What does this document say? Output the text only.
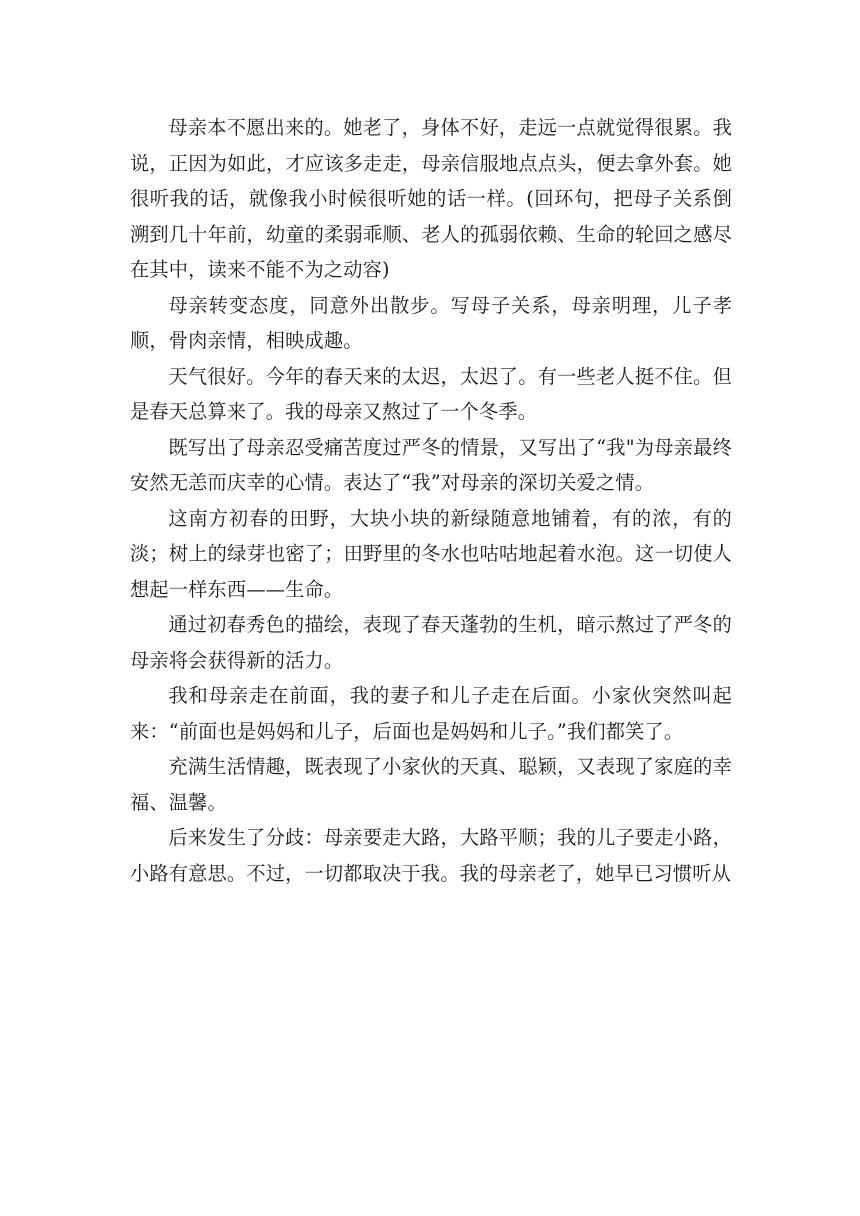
母亲本不愿出来的。她老了，身体不好，走远一点就觉得很累。我说，正因为如此，才应该多走走，母亲信服地点点头，便去拿外套。她很听我的话，就像我小时候很听她的话一样。(回环句，把母子关系倒溯到几十年前，幼童的柔弱乖顺、老人的孤弱依赖、生命的轮回之感尽在其中，读来不能不为之动容)

母亲转变态度，同意外出散步。写母子关系，母亲明理，儿子孝顺，骨肉亲情，相映成趣。

天气很好。今年的春天来的太迟，太迟了。有一些老人挺不住。但是春天总算来了。我的母亲又熬过了一个冬季。

既写出了母亲忍受痛苦度过严冬的情景，又写出了“我"为母亲最终安然无恙而庆幸的心情。表达了“我”对母亲的深切关爱之情。

这南方初春的田野，大块小块的新绿随意地铺着，有的浓，有的淡；树上的绿芽也密了；田野里的冬水也咕咕地起着水泡。这一切使人想起一样东西——生命。

通过初春秀色的描绘，表现了春天蓬勃的生机，暗示熬过了严冬的母亲将会获得新的活力。

我和母亲走在前面，我的妻子和儿子走在后面。小家伙突然叫起来：“前面也是妈妈和儿子，后面也是妈妈和儿子。”我们都笑了。

充满生活情趣，既表现了小家伙的天真、聪颖，又表现了家庭的幸福、温馨。

后来发生了分歧：母亲要走大路，大路平顺；我的儿子要走小路，小路有意思。不过，一切都取决于我。我的母亲老了，她早已习惯听从
